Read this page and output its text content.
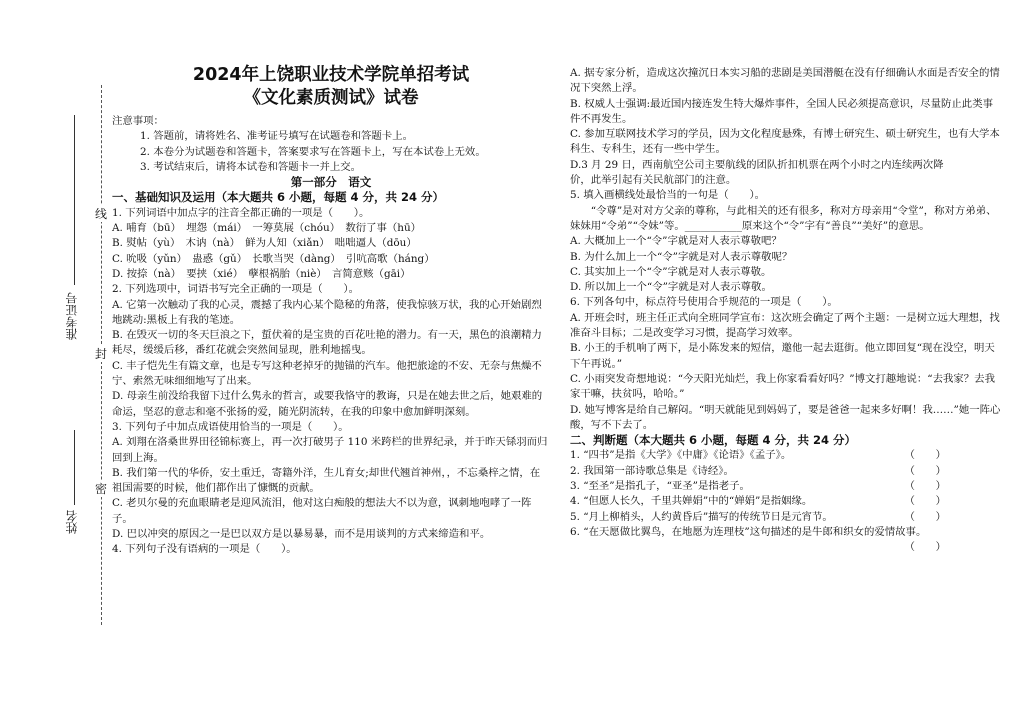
姓名
准考证号
密
封
线

2024年上饶职业技术学院单招考试

《文化素质测试》试卷

注意事项：

1. 答题前，请将姓名、准考证号填写在试题卷和答题卡上。

2. 本卷分为试题卷和答题卡，答案要求写在答题卡上，写在本试卷上无效。

3. 考试结束后，请将本试卷和答题卡一并上交。

第一部分　语文

一、基础知识及运用（本大题共 6 小题，每题 4 分，共 24 分）

1. 下列词语中加点字的注音全都正确的一项是（　　）。

A. 哺育（bū）　埋怨（mái）　一筹莫展（chóu）　数衍了事（hū）

B. 熨帖（yù）　木讷（nà）　鲜为人知（xiǎn）　咄咄逼人（dōu）

C. 吮吸（yǔn）　蛊惑（gǔ）　长歌当哭（dàng）　引吭高歌（háng）

D. 按捺（nà）　要挟（xié）　孽根祸胎（niè）　言简意赅（gāi）

2. 下列选项中，词语书写完全正确的一项是（　　）。

A. 它第一次触动了我的心灵，震撼了我内心某个隐秘的角落，使我惊骇万状，我的心开始剧烈地跳动:黑板上有我的笔迹。

B. 在毁灭一切的冬天巨浪之下，蜇伏着的是宝贵的百花吐艳的潜力。有一天，黑色的浪潮精力耗尽，缓缓后移，番红花就会突然间显现，胜利地摇曳。

C. 丰子恺先生有篇文章，也是专写这种老掉牙的抛锚的汽车。他把旅途的不安、无奈与焦燥不宁、索然无味细细地写了出来。

D. 母亲生前没给我留下过什么隽永的哲言，或要我恪守的教诲，只是在她去世之后，她艰难的命运，坚忍的意志和毫不张扬的爱，随光阴流转，在我的印象中愈加鲜明深刻。

3. 下列句子中加点成语使用恰当的一项是（　　）。

A. 刘翔在洛桑世界田径锦标赛上，再一次打破男子 110 米跨栏的世界纪录，并于昨天铩羽而归回到上海。

B. 我们第一代的华侨，安土重迁，寄籍外洋，生儿育女;却世代翘首神州，，不忘桑梓之情，在祖国需要的时候，他们都作出了慷慨的贡献。

C. 老贝尔曼的充血眼睛老是迎风流泪，他对这白痴般的想法大不以为意，讽刺地咆哮了一阵子。

D. 巴以冲突的原因之一是巴以双方是以暴易暴，而不是用谈判的方式来缔造和平。

4. 下列句子没有语病的一项是（　　）。

A. 据专家分析，造成这次撞沉日本实习船的悲剧是美国潜艇在没有仔细确认水面是否安全的情况下突然上浮。

B. 权威人士强调:最近国内接连发生特大爆炸事件，全国人民必须提高意识，尽量防止此类事件不再发生。

C. 参加互联网技术学习的学员，因为文化程度悬殊，有博士研究生、硕士研究生，也有大学本科生、专科生，还有一些中学生。

D.3 月 29 日，西南航空公司主要航线的团队折扣机票在两个小时之内连续两次降

价，此举引起有关民航部门的注意。

5. 填入画横线处最恰当的一句是（　　）。

“令尊”是对对方父亲的尊称，与此相关的还有很多，称对方母亲用“令堂”，称对方弟弟、妹妹用“令弟”“令妹”等。___________原来这个“令”字有“善良”“美好”的意思。

A. 大概加上一个“令”字就是对人表示尊敬吧？

B. 为什么加上一个“令”字就是对人表示尊敬呢？

C. 其实加上一个“令”字就是对人表示尊敬。

D. 所以加上一个“令”字就是对人表示尊敬。

6. 下列各句中，标点符号使用合乎规范的一项是（　　）。

A. 开班会时，班主任正式向全班同学宣布：这次班会确定了两个主题：一是树立远大理想，找准奋斗目标；二是改变学习习惯，提高学习效率。

B. 小王的手机响了两下，是小陈发来的短信，邀他一起去逛街。他立即回复“现在没空，明天下午再说。”

C. 小雨突发奇想地说：“今天阳光灿烂，我上你家看看好吗？”博文打趣地说：“去我家？去我家干嘛，扶贫吗，哈哈。”

D. 她写博客是给自己解闷。“明天就能见到妈妈了，要是爸爸一起来多好啊！我……”她一阵心酸，写不下去了。

二、判断题（本大题共 6 小题，每题 4 分，共 24 分）

1. “四书”是指《大学》《中庸》《论语》《孟子》。	（　　）
2. 我国第一部诗歌总集是《诗经》。	（　　）
3. “至圣”是指孔子，“亚圣”是指老子。	（　　）
4. “但愿人长久，千里共婵娟”中的“婵娟”是指姻缘。	（　　）
5. “月上柳梢头，人约黄昏后”描写的传统节日是元宵节。	（　　）

6. “在天愿做比翼鸟，在地愿为连理枝”这句描述的是牛郎和织女的爱情故事。

（　　）
